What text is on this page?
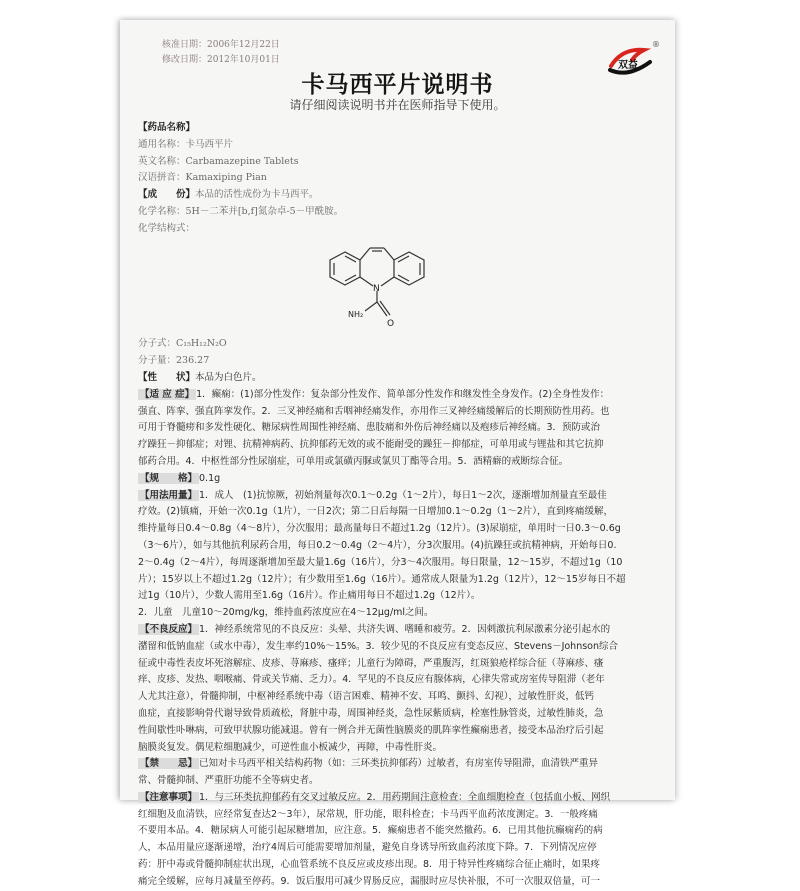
核准日期：2006年12月22日
修改日期：2012年10月01日	双益
®
卡马西平片说明书
请仔细阅读说明书并在医师指导下使用。
【药品名称】
通用名称：卡马西平片
英文名称：Carbamazepine Tablets
汉语拼音：Kamaxiping Pian
【成　　份】本品的活性成份为卡马西平。
化学名称：5H－二苯并[b,f]氮杂卓-5－甲酰胺。
化学结构式：
N
NH₂
O
分子式：C₁₅H₁₂N₂O
分子量：236.27
【性　　状】本品为白色片。
【适 应 症】 1．癫痫：(1)部分性发作：复杂部分性发作、简单部分性发作和继发性全身发作。(2)全身性发作：
强直、阵挛、强直阵挛发作。2．三叉神经痛和舌咽神经痛发作，亦用作三叉神经痛缓解后的长期预防性用药。也
可用于脊髓痨和多发性硬化、糖尿病性周围性神经痛、患肢痛和外伤后神经痛以及疱疹后神经痛。3．预防或治
疗躁狂－抑郁症；对锂、抗精神病药、抗抑郁药无效的或不能耐受的躁狂－抑郁症，可单用或与锂盐和其它抗抑
郁药合用。4．中枢性部分性尿崩症，可单用或氯磺丙脲或氯贝丁酯等合用。5．酒精癖的戒断综合征。
【规　　格】 0.1g
【用法用量】 1．成人　(1)抗惊厥，初始剂量每次0.1～0.2g（1～2片），每日1～2次，逐渐增加剂量直至最佳
疗效。(2)镇痛，开始一次0.1g（1片），一日2次；第二日后每隔一日增加0.1～0.2g（1～2片），直到疼痛缓解，
维持量每日0.4～0.8g（4～8片），分次服用；最高量每日不超过1.2g（12片）。(3)尿崩症，单用时一日0.3～0.6g
（3～6片），如与其他抗利尿药合用，每日0.2～0.4g（2～4片），分3次服用。(4)抗躁狂或抗精神病，开始每日0.
2～0.4g（2～4片），每周逐渐增加至最大量1.6g（16片），分3～4次服用。每日限量，12～15岁，不超过1g（10
片）；15岁以上不超过1.2g（12片）；有少数用至1.6g（16片）。通常成人限量为1.2g（12片），12～15岁每日不超
过1g（10片），少数人需用至1.6g（16片）。作止痛用每日不超过1.2g（12片）。
2．儿童　儿童10～20mg/kg，维持血药浓度应在4～12μg/ml之间。
【不良反应】 1．神经系统常见的不良反应：头晕、共济失调、嗜睡和疲劳。2．因刺激抗利尿激素分泌引起水的
潴留和低钠血症（或水中毒），发生率约10%～15%。3．较少见的不良反应有变态反应、Stevens－Johnson综合
征或中毒性表皮坏死溶解症、皮疹、荨麻疹、瘙痒；儿童行为障碍，严重腹泻，红斑狼疮样综合征（荨麻疹、瘙
痒、皮疹、发热、咽喉痛、骨或关节痛、乏力）。4．罕见的不良反应有腺体病，心律失常或房室传导阻滞（老年
人尤其注意），骨髓抑制，中枢神经系统中毒（语言困难、精神不安、耳鸣、颤抖、幻视），过敏性肝炎，低钙
血症，直接影响骨代谢导致骨质疏松，肾脏中毒，周围神经炎，急性尿紫质病，栓塞性脉管炎，过敏性肺炎，急
性间歇性卟啉病，可致甲状腺功能减退。曾有一例合并无菌性脑膜炎的肌阵挛性癫痫患者，接受本品治疗后引起
脑膜炎复发。偶见粒细胞减少，可逆性血小板减少，再障，中毒性肝炎。
【禁　　忌】 已知对卡马西平相关结构药物（如：三环类抗抑郁药）过敏者，有房室传导阻滞，血清铁严重异
常、骨髓抑制、严重肝功能不全等病史者。
【注意事项】 1．与三环类抗抑郁药有交叉过敏反应。2．用药期间注意检查：全血细胞检查（包括血小板、网织
红细胞及血清铁，应经常复查达2～3年），尿常规，肝功能，眼科检查；卡马西平血药浓度测定。3．一般疼痛
不要用本品。4．糖尿病人可能引起尿糖增加，应注意。5．癫痫患者不能突然撤药。6．已用其他抗癫痫药的病
人，本品用量应逐渐递增，治疗4周后可能需要增加剂量，避免自身诱导所致血药浓度下降。7．下列情况应停
药：肝中毒或骨髓抑制症状出现，心血管系统不良反应或皮疹出现。8．用于特异性疼痛综合征止痛时，如果疼
痛完全缓解，应每月减量至停药。9．饭后服用可减少胃肠反应，漏服时应尽快补服，不可一次服双倍量，可一
